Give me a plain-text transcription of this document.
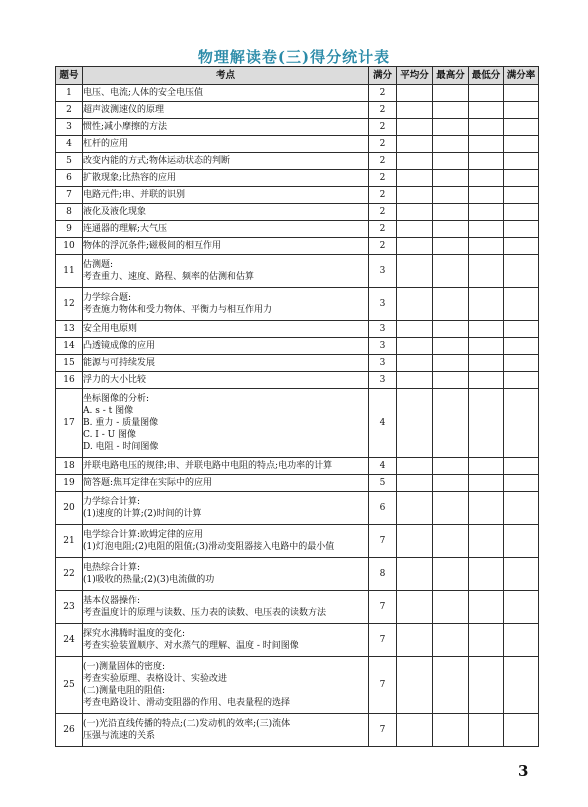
物理解读卷(三)得分统计表
题号	考点	满分	平均分	最高分	最低分	满分率
1	电压、电流;人体的安全电压值	2				
2	超声波测速仪的原理	2				
3	惯性;减小摩擦的方法	2				
4	杠杆的应用	2				
5	改变内能的方式;物体运动状态的判断	2				
6	扩散现象;比热容的应用	2				
7	电路元件;串、并联的识别	2				
8	液化及液化现象	2				
9	连通器的理解;大气压	2				
10	物体的浮沉条件;磁极间的相互作用	2				
11	估测题:
考查重力、速度、路程、频率的估测和估算	3				
12	力学综合题:
考查施力物体和受力物体、平衡力与相互作用力	3				
13	安全用电原则	3				
14	凸透镜成像的应用	3				
15	能源与可持续发展	3				
16	浮力的大小比较	3				
17	坐标图像的分析:
A. s - t 图像
B. 重力 - 质量图像
C. I - U 图像
D. 电阻 - 时间图像	4				
18	并联电路电压的规律;串、并联电路中电阻的特点;电功率的计算	4				
19	简答题:焦耳定律在实际中的应用	5				
20	力学综合计算:
(1)速度的计算;(2)时间的计算	6				
21	电学综合计算:欧姆定律的应用
(1)灯泡电阻;(2)电阻的阻值;(3)滑动变阻器接入电路中的最小值	7				
22	电热综合计算:
(1)吸收的热量;(2)(3)电流做的功	8				
23	基本仪器操作:
考查温度计的原理与读数、压力表的读数、电压表的读数方法	7				
24	探究水沸腾时温度的变化:
考查实验装置顺序、对水蒸气的理解、温度 - 时间图像	7				
25	(一)测量固体的密度:
考查实验原理、表格设计、实验改进
(二)测量电阻的阻值:
考查电路设计、滑动变阻器的作用、电表量程的选择	7				
26	(一)光沿直线传播的特点;(二)发动机的效率;(三)流体
压强与流速的关系	7				
3
